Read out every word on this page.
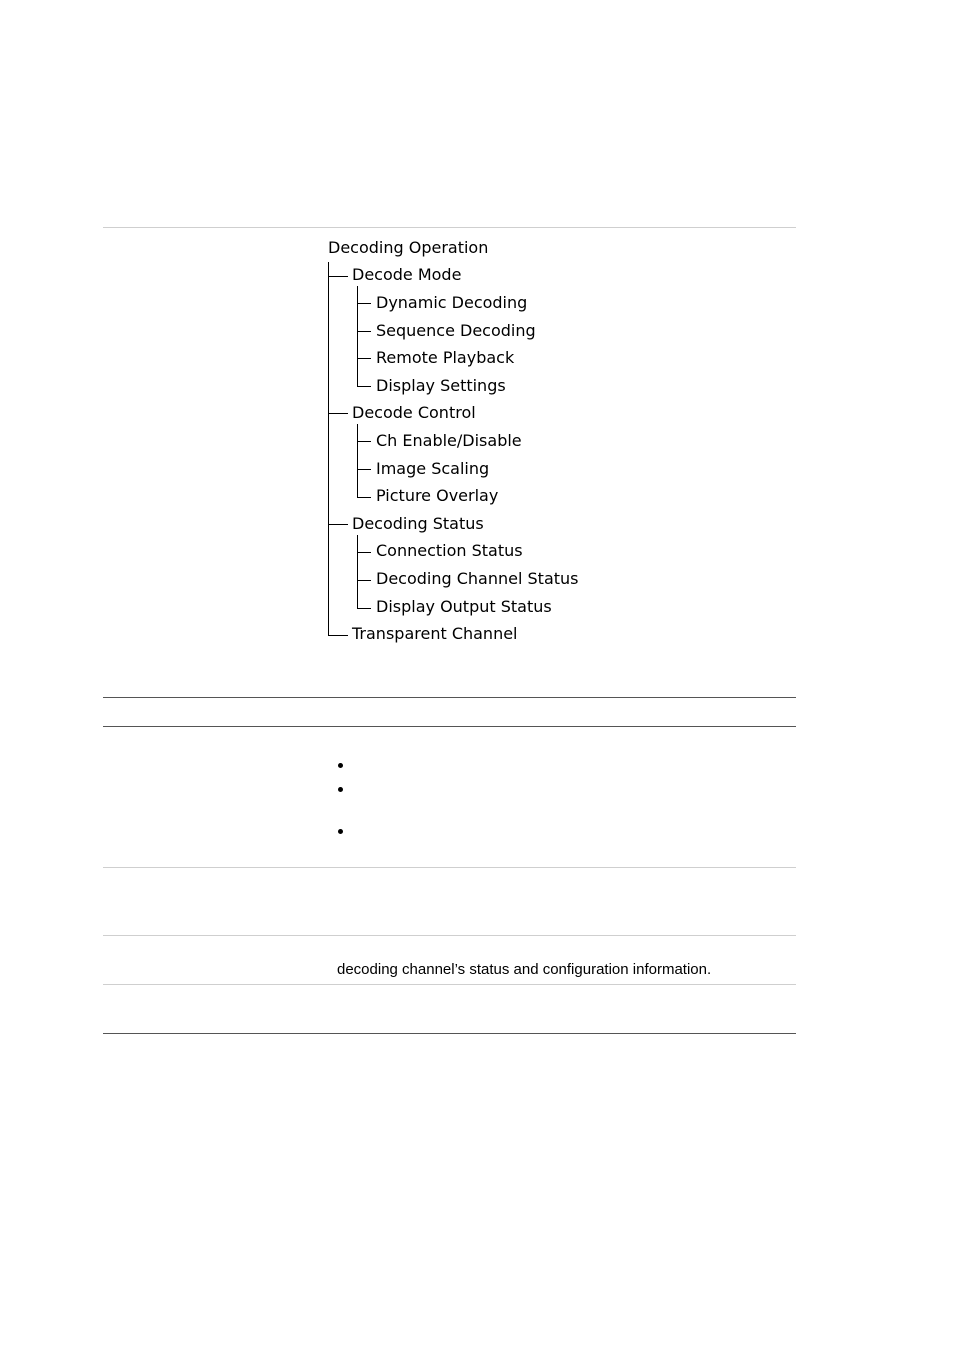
Decoding Operation
Decode Mode
Decode Control
Decoding Status
Transparent Channel
Dynamic Decoding
Sequence Decoding
Remote Playback
Display Settings
Ch Enable/Disable
Image Scaling
Picture Overlay
Connection Status
Decoding Channel Status
Display Output Status
decoding channel’s status and configuration information.
